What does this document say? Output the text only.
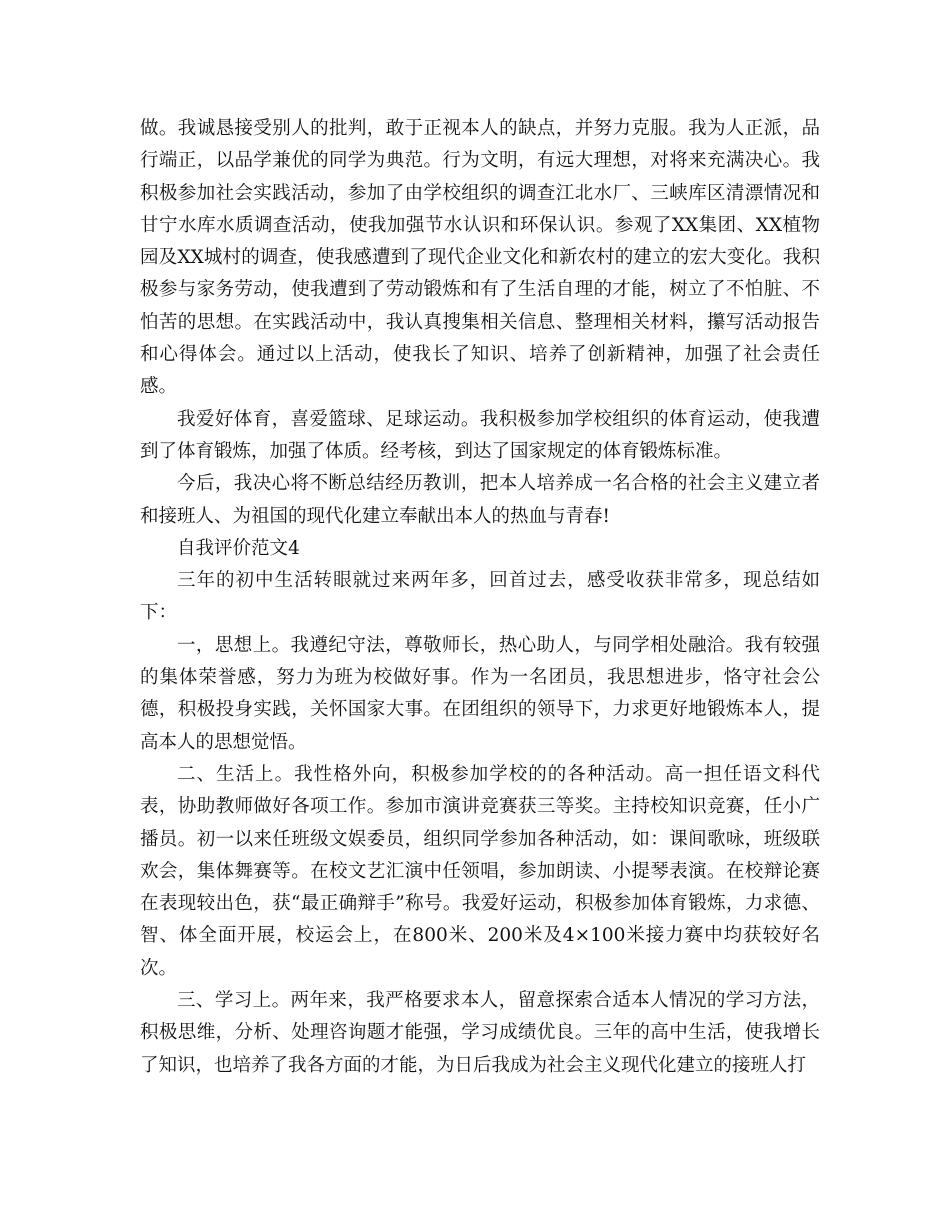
做。我诚恳接受别人的批判，敢于正视本人的缺点，并努力克服。我为人正派，品行端正，以品学兼优的同学为典范。行为文明，有远大理想，对将来充满决心。我积极参加社会实践活动，参加了由学校组织的调查江北水厂、三峡库区清漂情况和甘宁水库水质调查活动，使我加强节水认识和环保认识。参观了XX集团、XX植物园及XX城村的调查，使我感遭到了现代企业文化和新农村的建立的宏大变化。我积极参与家务劳动，使我遭到了劳动锻炼和有了生活自理的才能，树立了不怕脏、不怕苦的思想。在实践活动中，我认真搜集相关信息、整理相关材料，攥写活动报告和心得体会。通过以上活动，使我长了知识、培养了创新精神，加强了社会责任感。

我爱好体育，喜爱篮球、足球运动。我积极参加学校组织的体育运动，使我遭到了体育锻炼，加强了体质。经考核，到达了国家规定的体育锻炼标准。

今后，我决心将不断总结经历教训，把本人培养成一名合格的社会主义建立者和接班人、为祖国的现代化建立奉献出本人的热血与青春!

自我评价范文4

三年的初中生活转眼就过来两年多，回首过去，感受收获非常多，现总结如下：

一，思想上。我遵纪守法，尊敬师长，热心助人，与同学相处融洽。我有较强的集体荣誉感，努力为班为校做好事。作为一名团员，我思想进步，恪守社会公德，积极投身实践，关怀国家大事。在团组织的领导下，力求更好地锻炼本人，提高本人的思想觉悟。

二、生活上。我性格外向，积极参加学校的的各种活动。高一担任语文科代表，协助教师做好各项工作。参加市演讲竞赛获三等奖。主持校知识竞赛，任小广播员。初一以来任班级文娱委员，组织同学参加各种活动，如：课间歌咏，班级联欢会，集体舞赛等。在校文艺汇演中任领唱，参加朗读、小提琴表演。在校辩论赛在表现较出色，获“最正确辩手”称号。我爱好运动，积极参加体育锻炼，力求德、智、体全面开展，校运会上，在800米、200米及4×100米接力赛中均获较好名次。

三、学习上。两年来，我严格要求本人，留意探索合适本人情况的学习方法，积极思维，分析、处理咨询题才能强，学习成绩优良。三年的高中生活，使我增长了知识，也培养了我各方面的才能，为日后我成为社会主义现代化建立的接班人打
